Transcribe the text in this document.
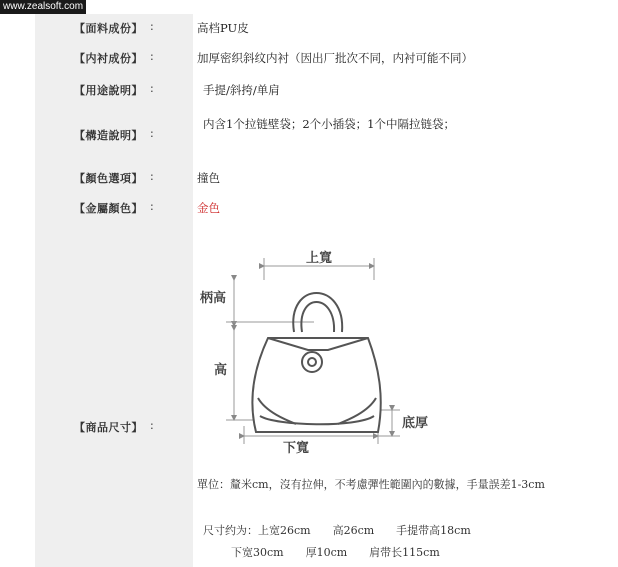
www.zealsoft.com
【面料成份】 :	高档PU皮
【内衬成份】 :	加厚密织斜纹内衬（因出厂批次不同，内衬可能不同）
【用途說明】 :	手提/斜挎/单肩
【構造說明】 :
内含1个拉链壁袋；2个小插袋；1个中隔拉链袋；
【顏色選項】 :	撞色
【金屬顏色】 :	金色
【商品尺寸】 :
上寬
柄高
高
底厚
下寬
單位：釐米cm，沒有拉伸，不考慮彈性範圍內的數據，手量誤差1-3cm
尺寸约为：上宽26cm　　高26cm　　手提带高18cm
下宽30cm　　厚10cm　　肩带长115cm
